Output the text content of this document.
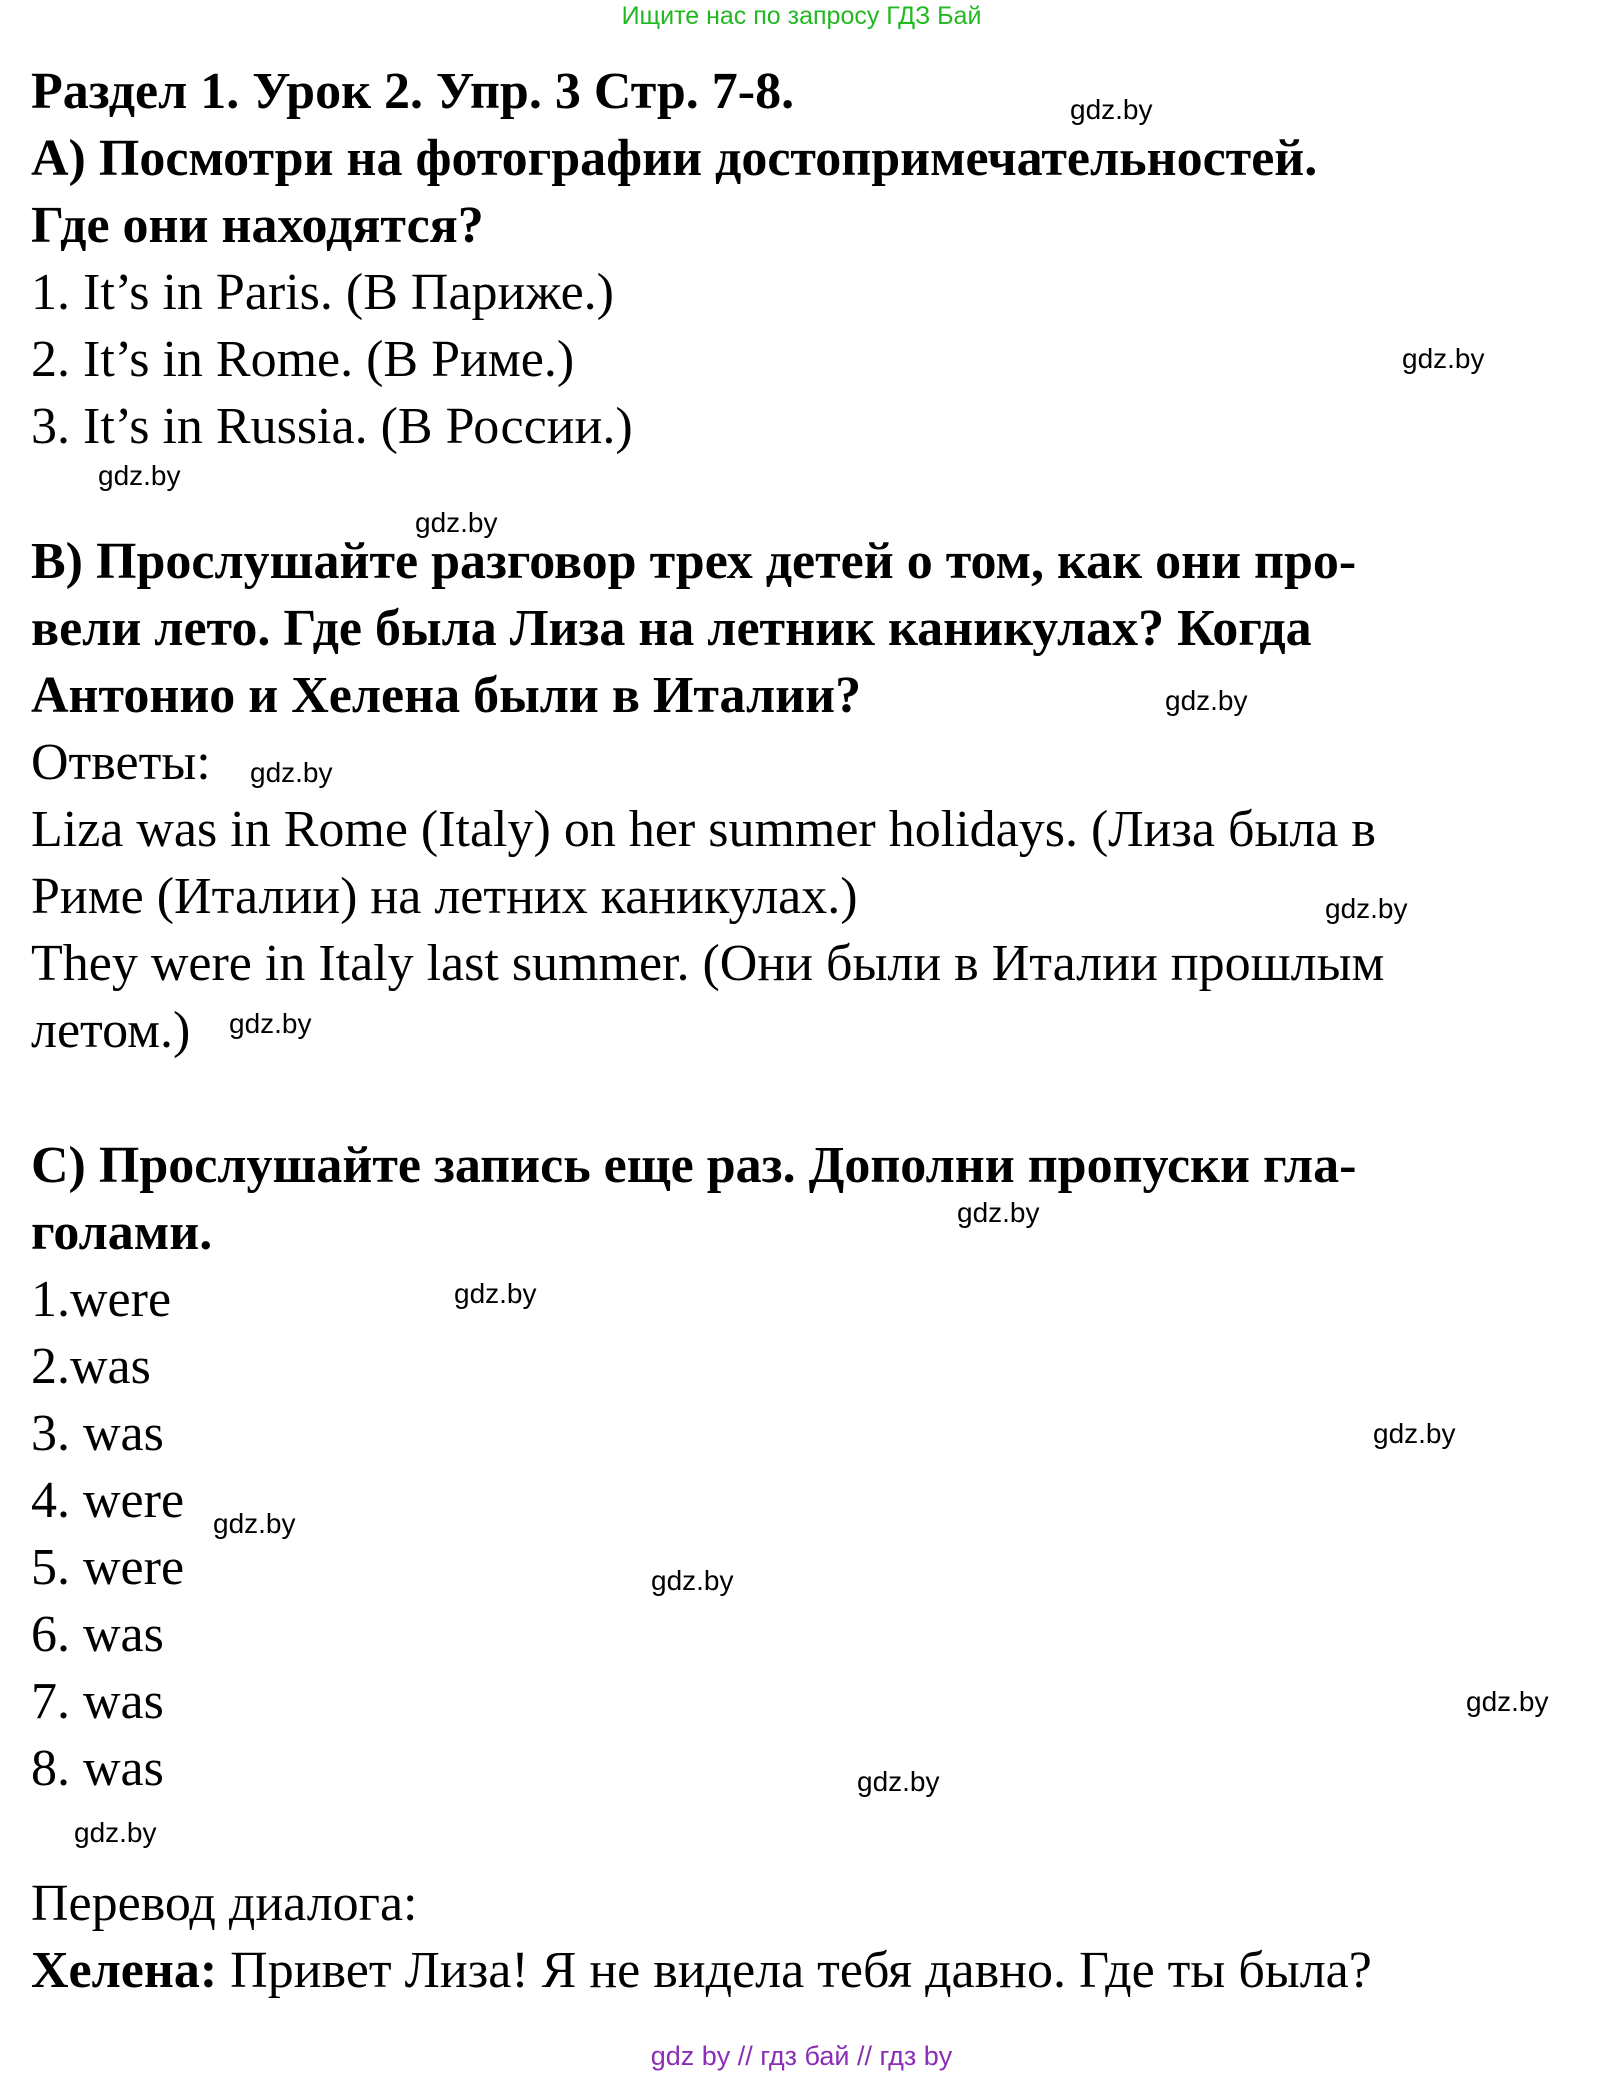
Ищите нас по запросу ГДЗ Бай

Раздел 1. Урок 2. Упр. 3 Стр. 7-8.

А) Посмотри на фотографии достопримечательностей.

Где они находятся?

1. It’s in Paris. (В Париже.)

2. It’s in Rome. (В Риме.)

3. It’s in Russia. (В России.)

B) Прослушайте разговор трех детей о том, как они про-

вели лето. Где была Лиза на летник каникулах? Когда

Антонио и Хелена были в Италии?

Ответы:

Liza was in Rome (Italy) on her summer holidays. (Лиза была в

Риме (Италии) на летних каникулах.)

They were in Italy last summer. (Они были в Италии прошлым

летом.)

C) Прослушайте запись еще раз. Дополни пропуски гла-

голами.

1.were

2.was

3. was

4. were

5. were

6. was

7. was

8. was

Перевод диалога:

Хелена: Привет Лиза! Я не видела тебя давно. Где ты была?

gdz.by
gdz.by
gdz.by
gdz.by
gdz.by
gdz.by
gdz.by
gdz.by
gdz.by
gdz.by
gdz.by
gdz.by
gdz.by
gdz.by
gdz.by
gdz.by
gdz by // гдз бай // гдз by
